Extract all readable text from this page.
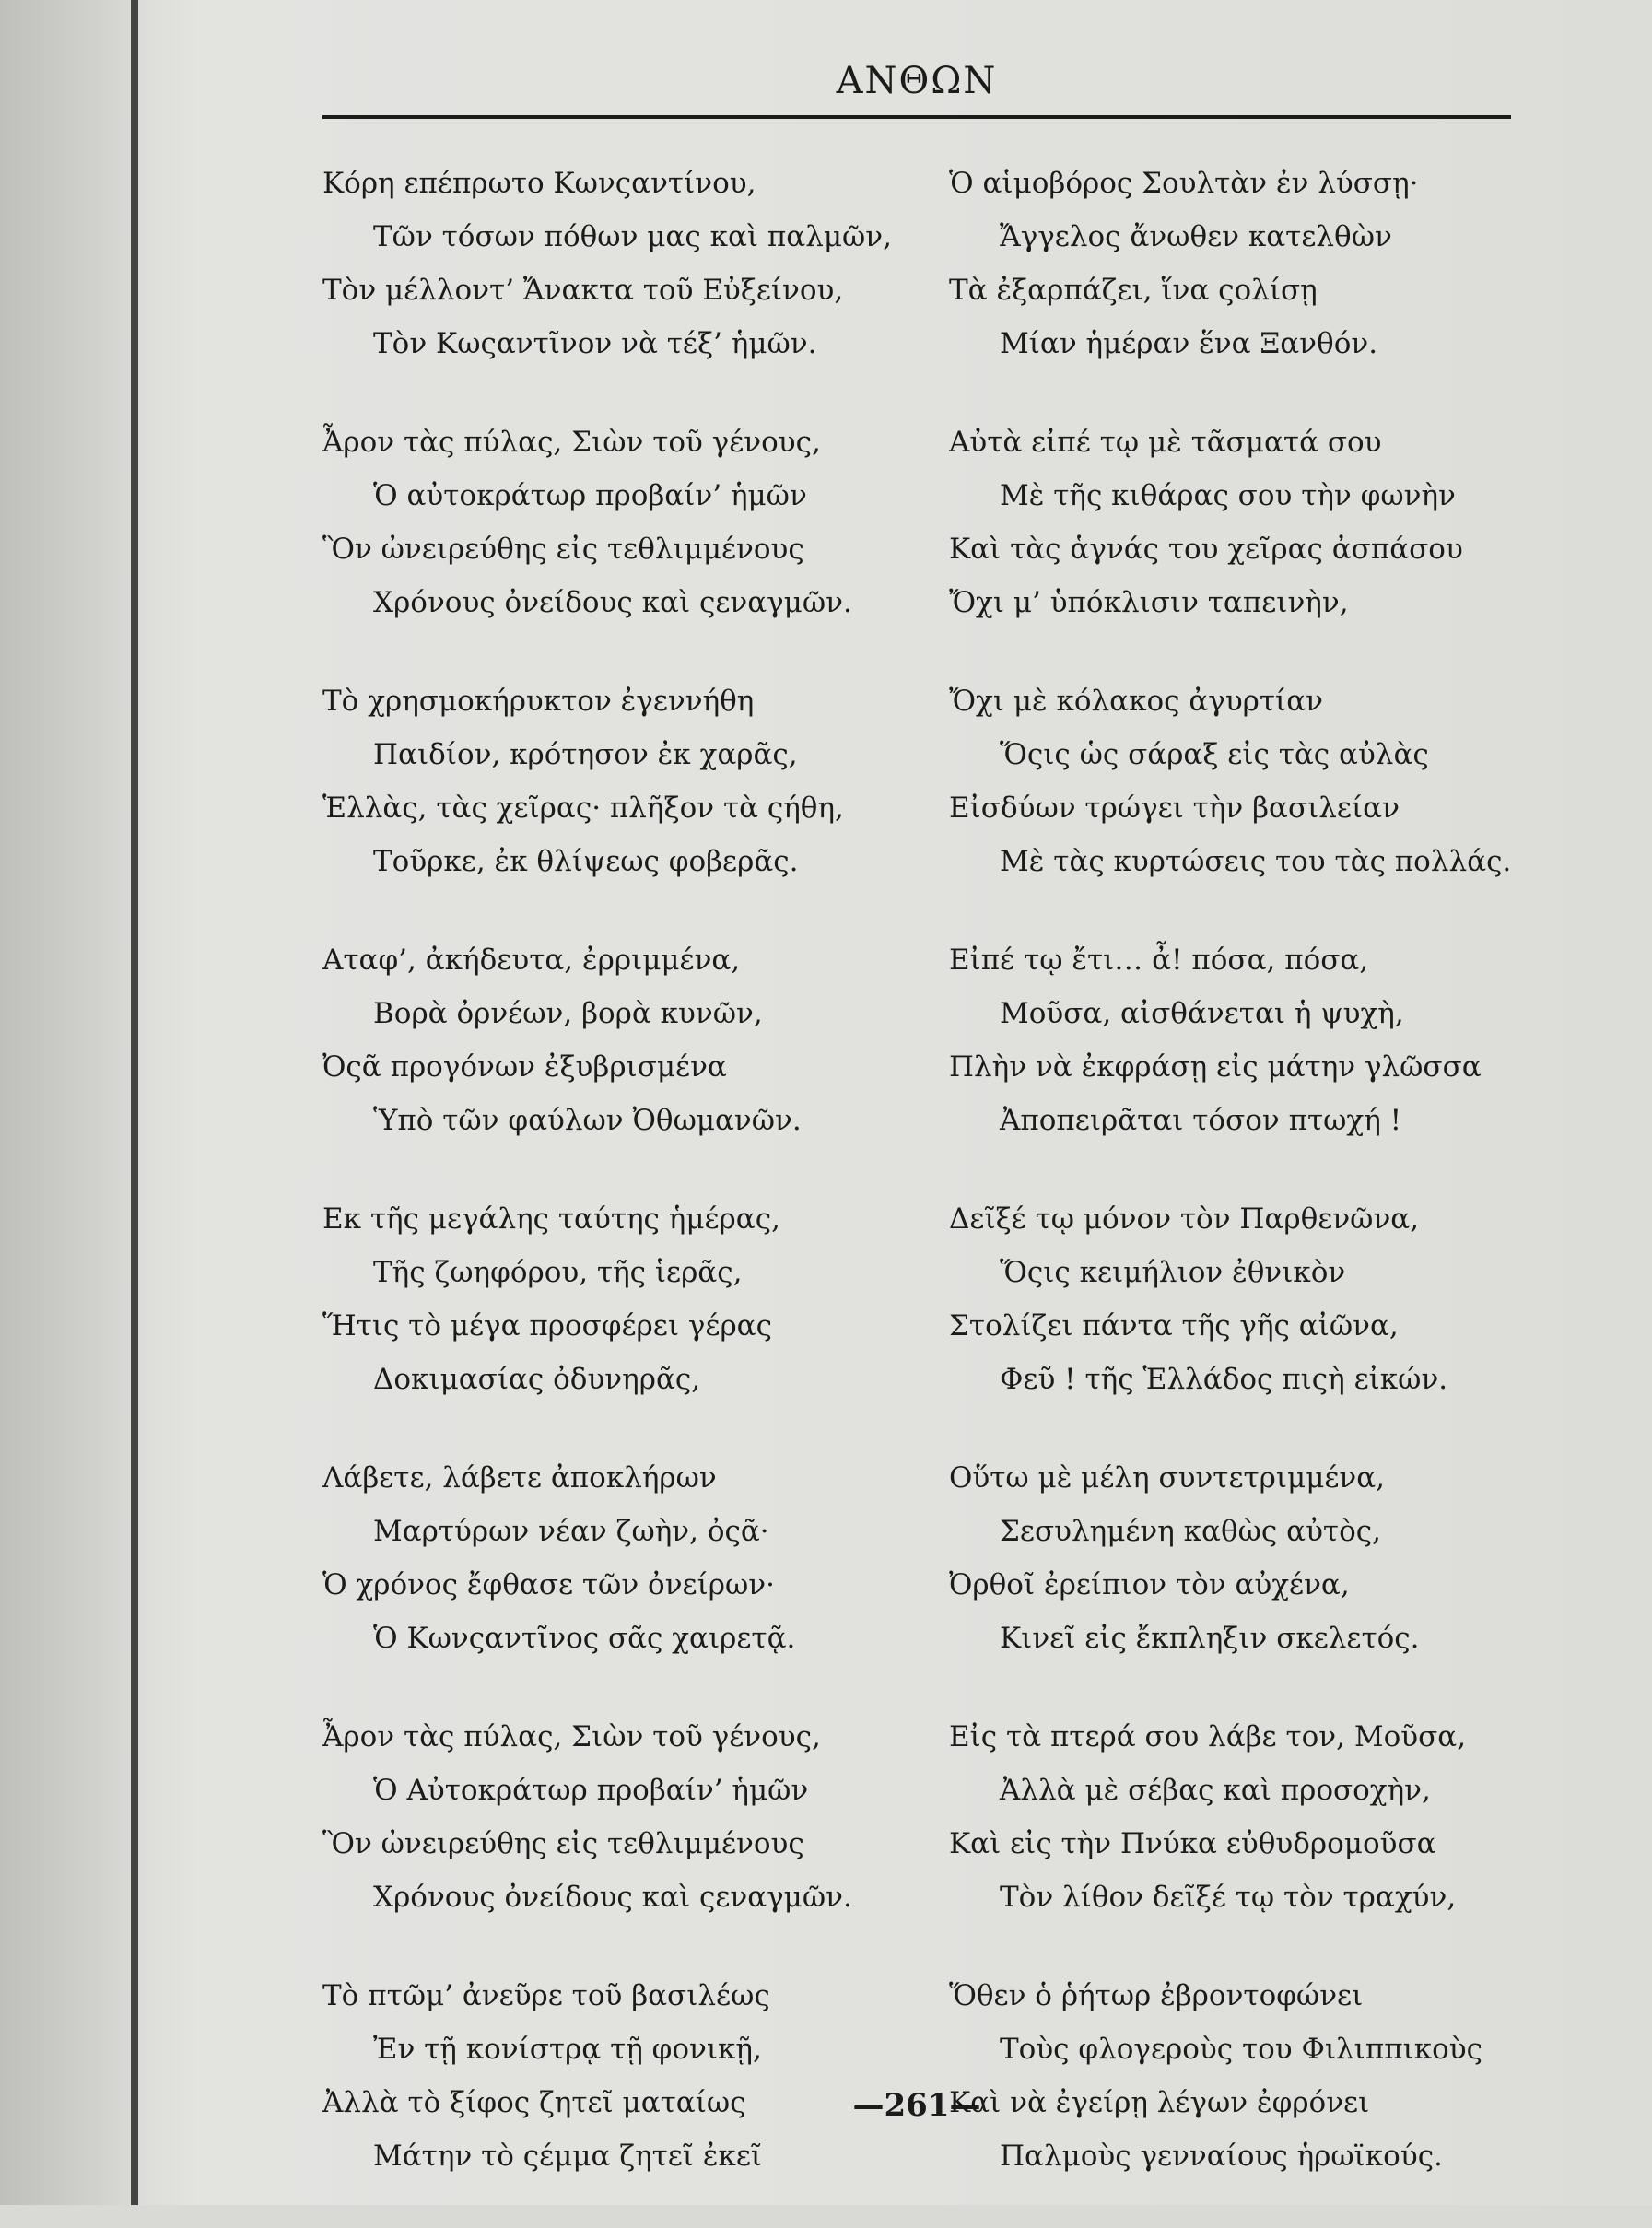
ΑΝΘΩΝ
Κόρη επέπρωτο Κωνςαντίνου,
Τῶν τόσων πόθων μας καὶ παλμῶν,
Τὸν μέλλοντ’ Ἄνακτα τοῦ Εὐξείνου,
Τὸν Κωςαντῖνον νὰ τέξ’ ἡμῶν.
Ἆρον τὰς πύλας, Σιὼν τοῦ γένους,
Ὁ αὐτοκράτωρ προβαίν’ ἡμῶν
Ὃν ὠνειρεύθης εἰς τεθλιμμένους
Χρόνους ὀνείδους καὶ ςεναγμῶν.
Τὸ χρησμοκήρυκτον ἐγεννήθη
Παιδίον, κρότησον ἐκ χαρᾶς,
Ἑλλὰς, τὰς χεῖρας· πλῆξον τὰ ςήθη,
Τοῦρκε, ἐκ θλίψεως φοβερᾶς.
Αταφ’, ἀκήδευτα, ἐρριμμένα,
Βορὰ ὀρνέων, βορὰ κυνῶν,
Ὀςᾶ προγόνων ἐξυβρισμένα
Ὑπὸ τῶν φαύλων Ὀθωμανῶν.
Εκ τῆς μεγάλης ταύτης ἡμέρας,
Τῆς ζωηφόρου, τῆς ἱερᾶς,
Ἥτις τὸ μέγα προσφέρει γέρας
Δοκιμασίας ὀδυνηρᾶς,
Λάβετε, λάβετε ἀποκλήρων
Μαρτύρων νέαν ζωὴν, ὀςᾶ·
Ὁ χρόνος ἔφθασε τῶν ὀνείρων·
Ὁ Κωνςαντῖνος σᾶς χαιρετᾷ.
Ἆρον τὰς πύλας, Σιὼν τοῦ γένους,
Ὁ Αὐτοκράτωρ προβαίν’ ἡμῶν
Ὃν ὠνειρεύθης εἰς τεθλιμμένους
Χρόνους ὀνείδους καὶ ςεναγμῶν.
Τὸ πτῶμ’ ἀνεῦρε τοῦ βασιλέως
Ἐν τῇ κονίστρᾳ τῇ φονικῇ,
Ἀλλὰ τὸ ξίφος ζητεῖ ματαίως
Μάτην τὸ ςέμμα ζητεῖ ἐκεῖ
Ὁ αἱμοβόρος Σουλτὰν ἐν λύσσῃ·
Ἄγγελος ἄνωθεν κατελθὼν
Τὰ ἐξαρπάζει, ἵνα ςολίσῃ
Μίαν ἡμέραν ἕνα Ξανθόν.
Αὐτὰ εἰπέ τῳ μὲ τᾶσματά σου
Μὲ τῆς κιθάρας σου τὴν φωνὴν
Καὶ τὰς ἁγνάς του χεῖρας ἀσπάσου
Ὄχι μ’ ὑπόκλισιν ταπεινὴν,
Ὄχι μὲ κόλακος ἀγυρτίαν
Ὅςις ὡς σάραξ εἰς τὰς αὐλὰς
Εἰσδύων τρώγει τὴν βασιλείαν
Μὲ τὰς κυρτώσεις του τὰς πολλάς.
Εἰπέ τῳ ἔτι… ἆ! πόσα, πόσα,
Μοῦσα, αἰσθάνεται ἡ ψυχὴ,
Πλὴν νὰ ἐκφράσῃ εἰς μάτην γλῶσσα
Ἀποπειρᾶται τόσον πτωχή !
Δεῖξέ τῳ μόνον τὸν Παρθενῶνα,
Ὅςις κειμήλιον ἐθνικὸν
Στολίζει πάντα τῆς γῆς αἰῶνα,
Φεῦ ! τῆς Ἑλλάδος πιςὴ εἰκών.
Οὕτω μὲ μέλη συντετριμμένα,
Σεσυλημένη καθὼς αὐτὸς,
Ὀρθοῖ ἐρείπιον τὸν αὐχένα,
Κινεῖ εἰς ἔκπληξιν σκελετός.
Εἰς τὰ πτερά σου λάβε τον, Μοῦσα,
Ἀλλὰ μὲ σέβας καὶ προσοχὴν,
Καὶ εἰς τὴν Πνύκα εὐθυδρομοῦσα
Τὸν λίθον δεῖξέ τῳ τὸν τραχύν,
Ὅθεν ὁ ῥήτωρ ἐβροντοφώνει
Τοὺς φλογεροὺς του Φιλιππικοὺς
Καὶ νὰ ἐγείρῃ λέγων ἐφρόνει
Παλμοὺς γενναίους ἡρωϊκούς.
—261—
